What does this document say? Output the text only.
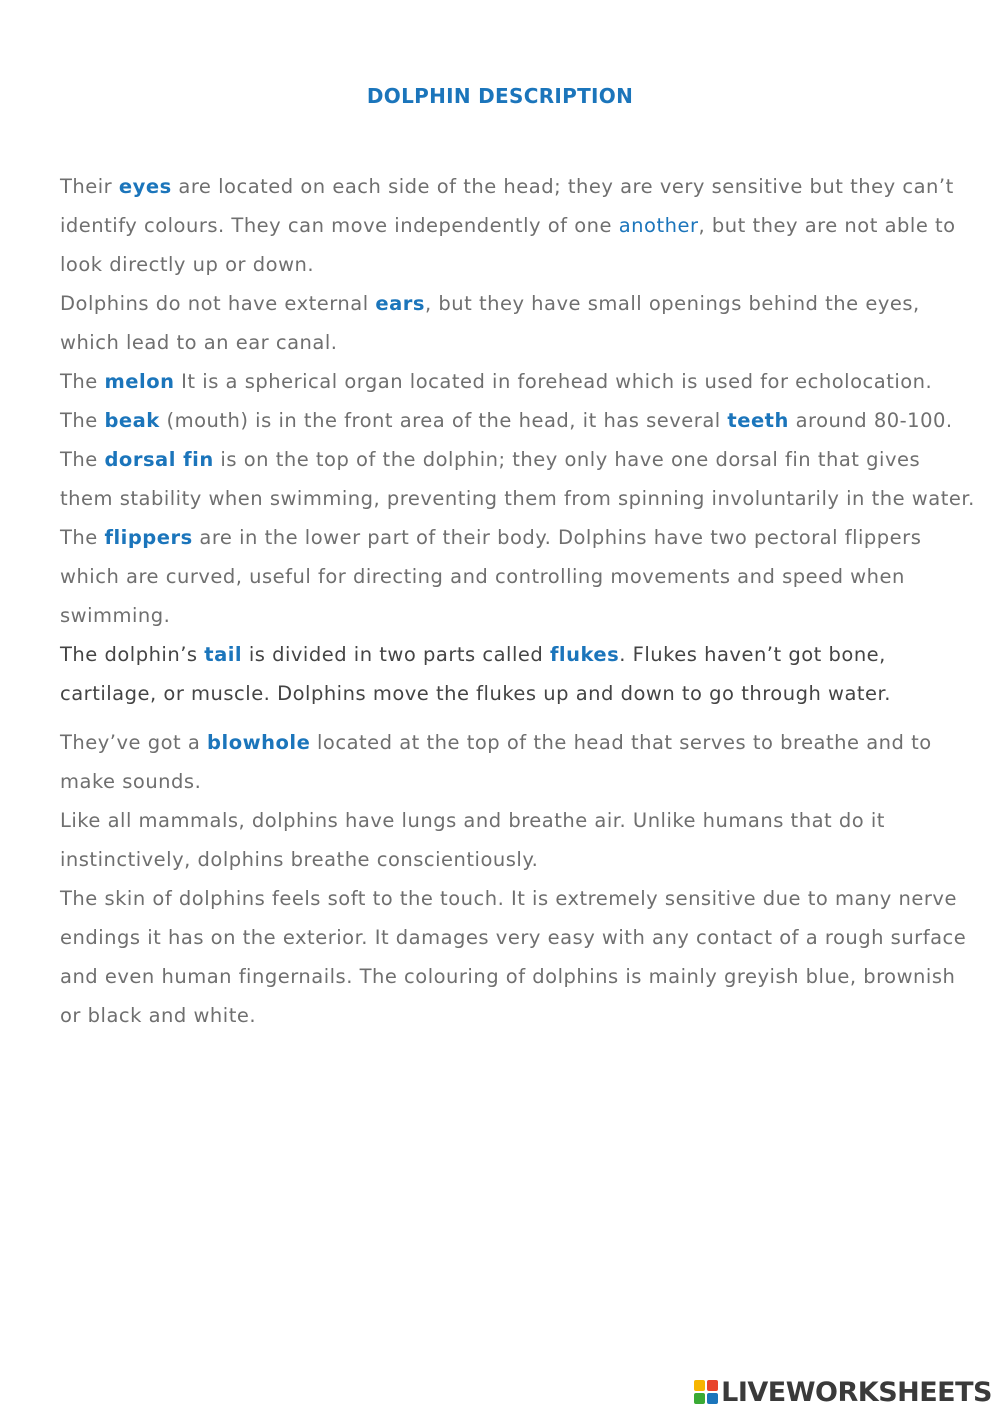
DOLPHIN DESCRIPTION

Their eyes are located on each side of the head; they are very sensitive but they can’t identify colours. They can move independently of one another, but they are not able to look directly up or down.

Dolphins do not have external ears, but they have small openings behind the eyes, which lead to an ear canal.

The melon It is a spherical organ located in forehead which is used for echolocation.

The beak (mouth) is in the front area of the head, it has several teeth around 80-100.

The dorsal fin is on the top of the dolphin; they only have one dorsal fin that gives them stability when swimming, preventing them from spinning involuntarily in the water.

The flippers are in the lower part of their body. Dolphins have two pectoral flippers which are curved, useful for directing and controlling movements and speed when swimming.

The dolphin’s tail is divided in two parts called flukes. Flukes haven’t got bone, cartilage, or muscle. Dolphins move the flukes up and down to go through water.

They’ve got a blowhole located at the top of the head that serves to breathe and to make sounds.

Like all mammals, dolphins have lungs and breathe air. Unlike humans that do it instinctively, dolphins breathe conscientiously.

The skin of dolphins feels soft to the touch. It is extremely sensitive due to many nerve endings it has on the exterior. It damages very easy with any contact of a rough surface and even human fingernails. The colouring of dolphins is mainly greyish blue, brownish or black and white.

LIVEWORKSHEETS
